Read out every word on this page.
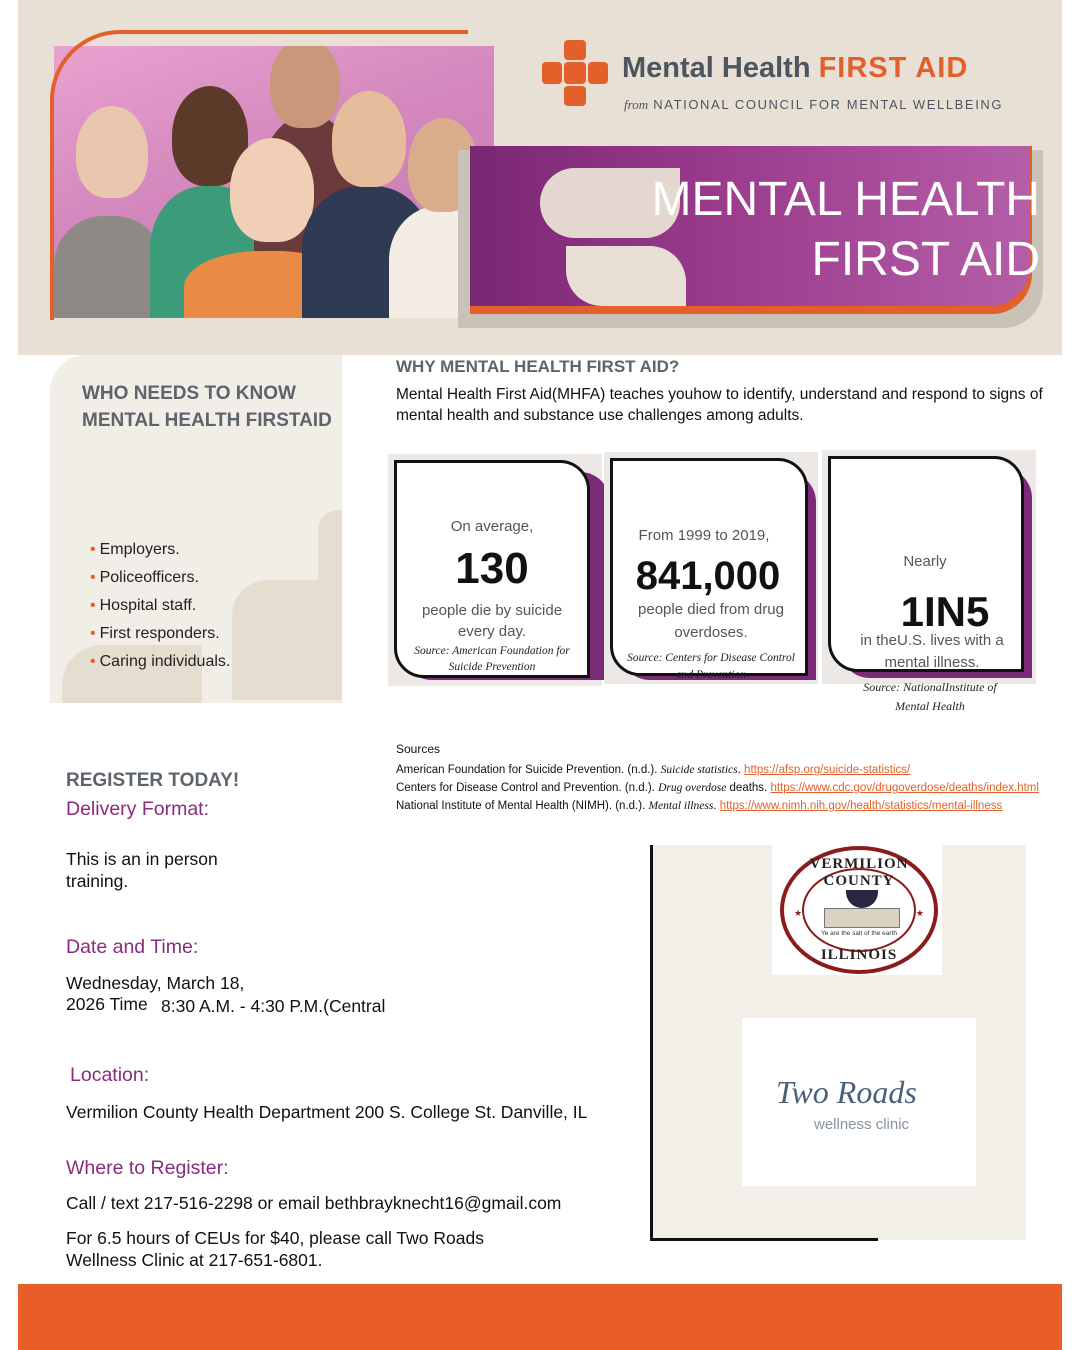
MENTAL HEALTH
FIRST AID
Mental Health FIRST AID
from NATIONAL COUNCIL FOR MENTAL WELLBEING
WHO NEEDS TO KNOW MENTAL HEALTH FIRSTAID
• Employers.
• Policeofficers.
• Hospital staff.
• First responders.
• Caring individuals.
WHY MENTAL HEALTH FIRST AID?
Mental Health First Aid(MHFA) teaches youhow to identify, understand and respond to signs of mental health and substance use challenges among adults.
On average,
130
people die by suicide every day.
Source: American Foundation for Suicide Prevention
From 1999 to 2019,
841,000
people died from drug overdoses.
Source: Centers for Disease Control and Prevention
Nearly
1IN5
in theU.S. lives with a mental illness.
Source: NationalInstitute of Mental Health
Sources
American Foundation for Suicide Prevention. (n.d.). Suicide statistics. https://afsp.org/suicide-statistics/
Centers for Disease Control and Prevention. (n.d.). Drug overdose deaths. https://www.cdc.gov/drugoverdose/deaths/index.html
National Institute of Mental Health (NIMH). (n.d.). Mental illness. https://www.nimh.nih.gov/health/statistics/mental-illness
REGISTER TODAY!
Delivery Format:
This is an in person training.
Date and Time:
Wednesday, March 18,
2026 Time 8:30 A.M. - 4:30 P.M.(Central
Location:
Vermilion County Health Department 200 S. College St. Danville, IL
Where to Register:
Call / text 217-516-2298 or email bethbrayknecht16@gmail.com
For 6.5 hours of CEUs for $40, please call Two Roads Wellness Clinic at 217-651-6801.
VERMILION COUNTY
★	★
Ye are the salt of the earth
ILLINOIS
Two Roads
wellness clinic
